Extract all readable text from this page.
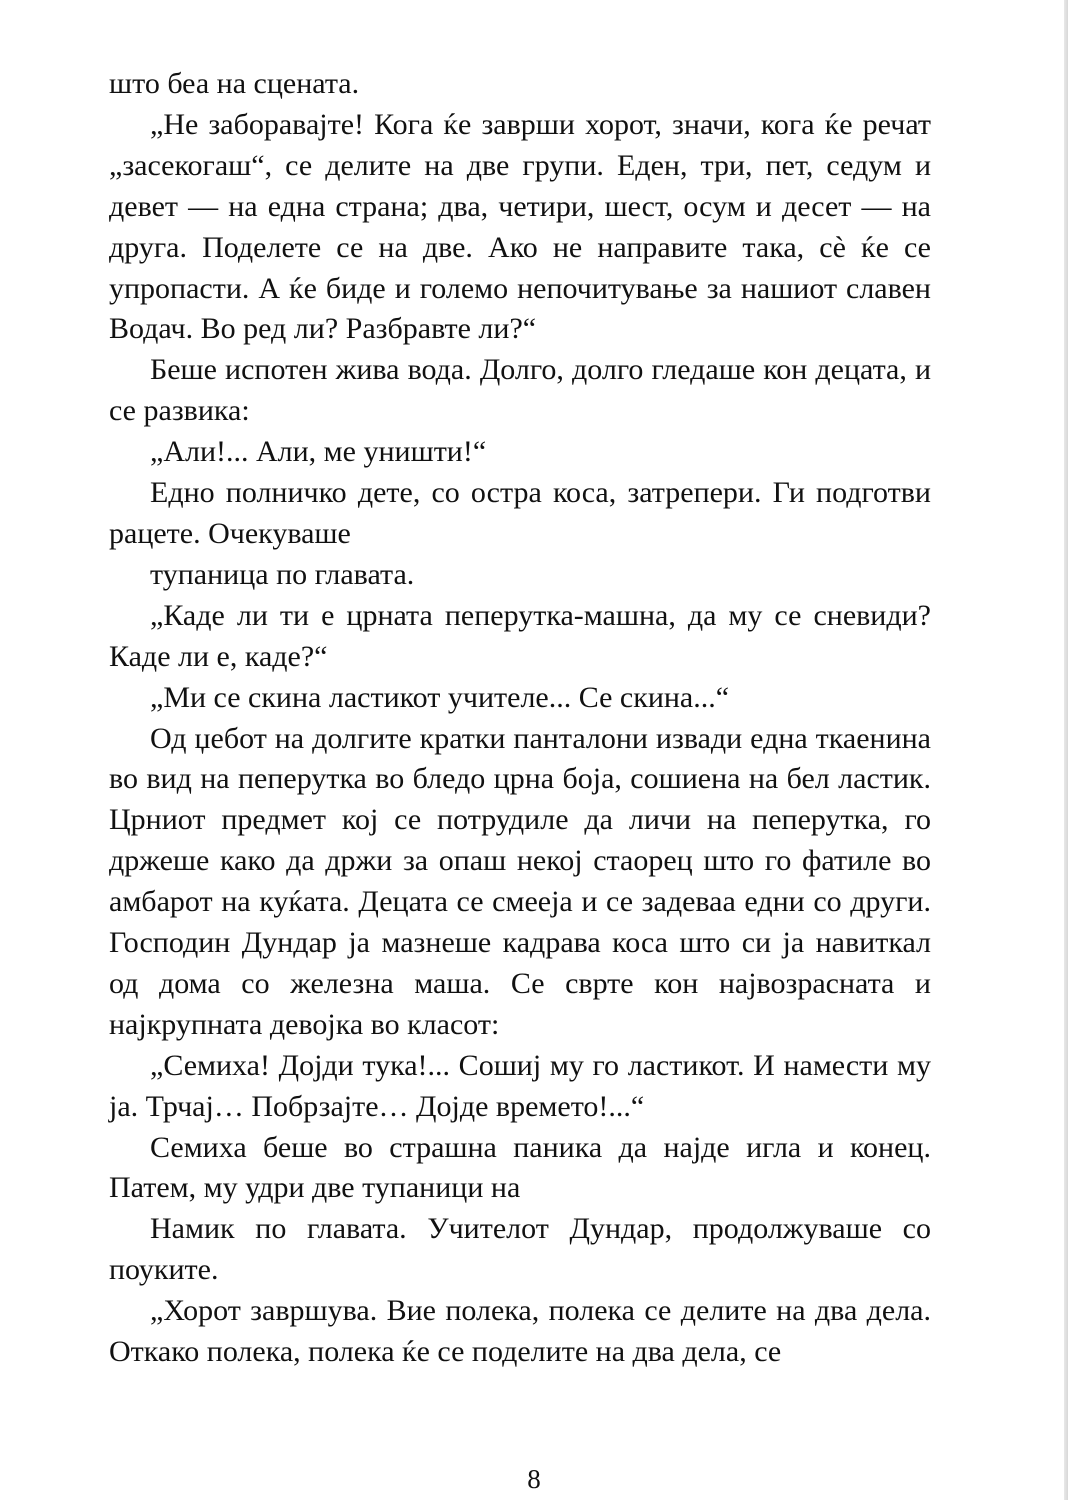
што беа на сцената.

„Не заборавајте! Кога ќе заврши хорот, значи, кога ќе речат „засекогаш“, се делите на две групи. Еден, три, пет, седум и девет — на една страна; два, четири, шест, осум и десет — на друга. Поделете се на две. Ако не направите така, сѐ ќе се упропасти. А ќе биде и големо непочитување за нашиот славен Водач. Во ред ли? Разбравте ли?“

Беше испотен жива вода. Долго, долго гледаше кон децата, и се развика:

„Али!... Али, ме уништи!“

Едно полничко дете, со остра коса, затрепери. Ги подготви рацете. Очекуваше

тупаница по главата.

„Каде ли ти е црната пеперутка-машна, да му се сневиди? Каде ли е, каде?“

„Ми се скина ластикот учителе... Се скина...“

Од џебот на долгите кратки панталони извади една ткаенина во вид на пеперутка во бледо црна боја, сошиена на бел ластик. Црниот предмет кој се потрудиле да личи на пеперутка, го држеше како да држи за опаш некој стаорец што го фатиле во амбарот на куќата. Децата се смееја и се задеваа едни со други. Господин Дундар ја мазнеше кадрава коса што си ја навиткал од дома со железна маша. Се сврте кон највозрасната и најкрупната девојка во класот:

„Семиха! Дојди тука!... Сошиј му го ластикот. И намести му ја. Трчај… Побрзајте… Дојде времето!...“

Семиха беше во страшна паника да најде игла и конец. Патем, му удри две тупаници на

Намик по главата. Учителот Дундар, продолжуваше со поуките.

„Хорот завршува. Вие полека, полека се делите на два дела. Откако полека, полека ќе се поделите на два дела, се

8
